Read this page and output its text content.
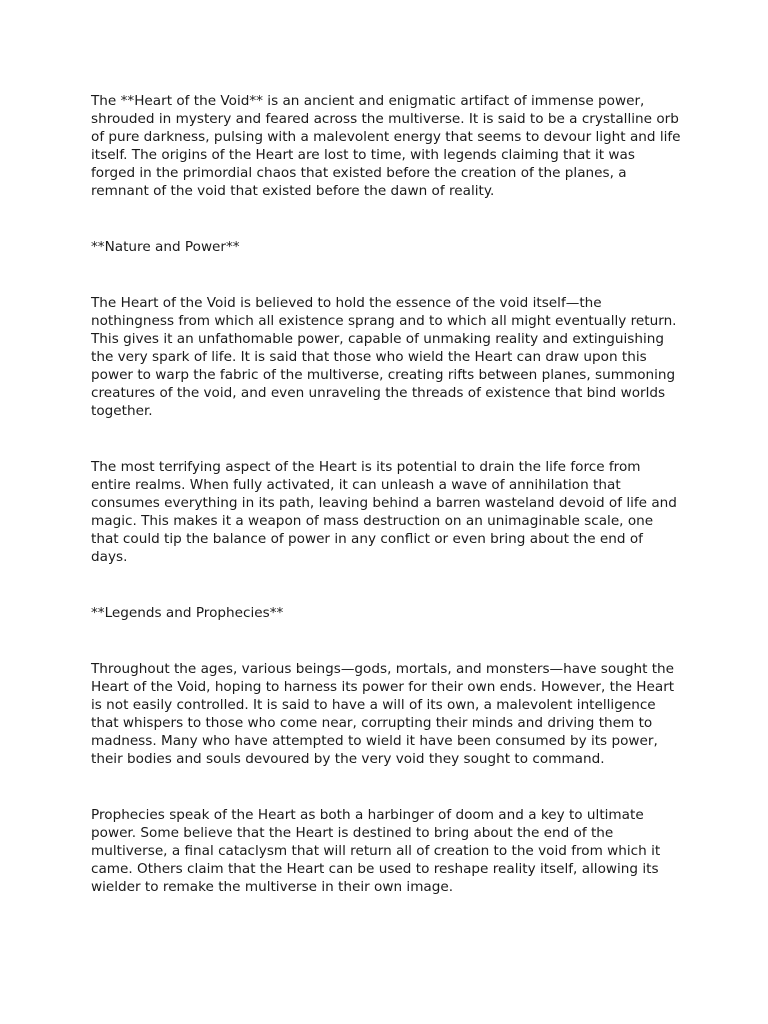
The **Heart of the Void** is an ancient and enigmatic artifact of immense power, shrouded in mystery and feared across the multiverse. It is said to be a crystalline orb of pure darkness, pulsing with a malevolent energy that seems to devour light and life itself. The origins of the Heart are lost to time, with legends claiming that it was forged in the primordial chaos that existed before the creation of the planes, a remnant of the void that existed before the dawn of reality.

**Nature and Power**

The Heart of the Void is believed to hold the essence of the void itself—the nothingness from which all existence sprang and to which all might eventually return. This gives it an unfathomable power, capable of unmaking reality and extinguishing the very spark of life. It is said that those who wield the Heart can draw upon this power to warp the fabric of the multiverse, creating rifts between planes, summoning creatures of the void, and even unraveling the threads of existence that bind worlds together.

The most terrifying aspect of the Heart is its potential to drain the life force from entire realms. When fully activated, it can unleash a wave of annihilation that consumes everything in its path, leaving behind a barren wasteland devoid of life and magic. This makes it a weapon of mass destruction on an unimaginable scale, one that could tip the balance of power in any conflict or even bring about the end of days.

**Legends and Prophecies**

Throughout the ages, various beings—gods, mortals, and monsters—have sought the Heart of the Void, hoping to harness its power for their own ends. However, the Heart is not easily controlled. It is said to have a will of its own, a malevolent intelligence that whispers to those who come near, corrupting their minds and driving them to madness. Many who have attempted to wield it have been consumed by its power, their bodies and souls devoured by the very void they sought to command.

Prophecies speak of the Heart as both a harbinger of doom and a key to ultimate power. Some believe that the Heart is destined to bring about the end of the multiverse, a final cataclysm that will return all of creation to the void from which it came. Others claim that the Heart can be used to reshape reality itself, allowing its wielder to remake the multiverse in their own image.
